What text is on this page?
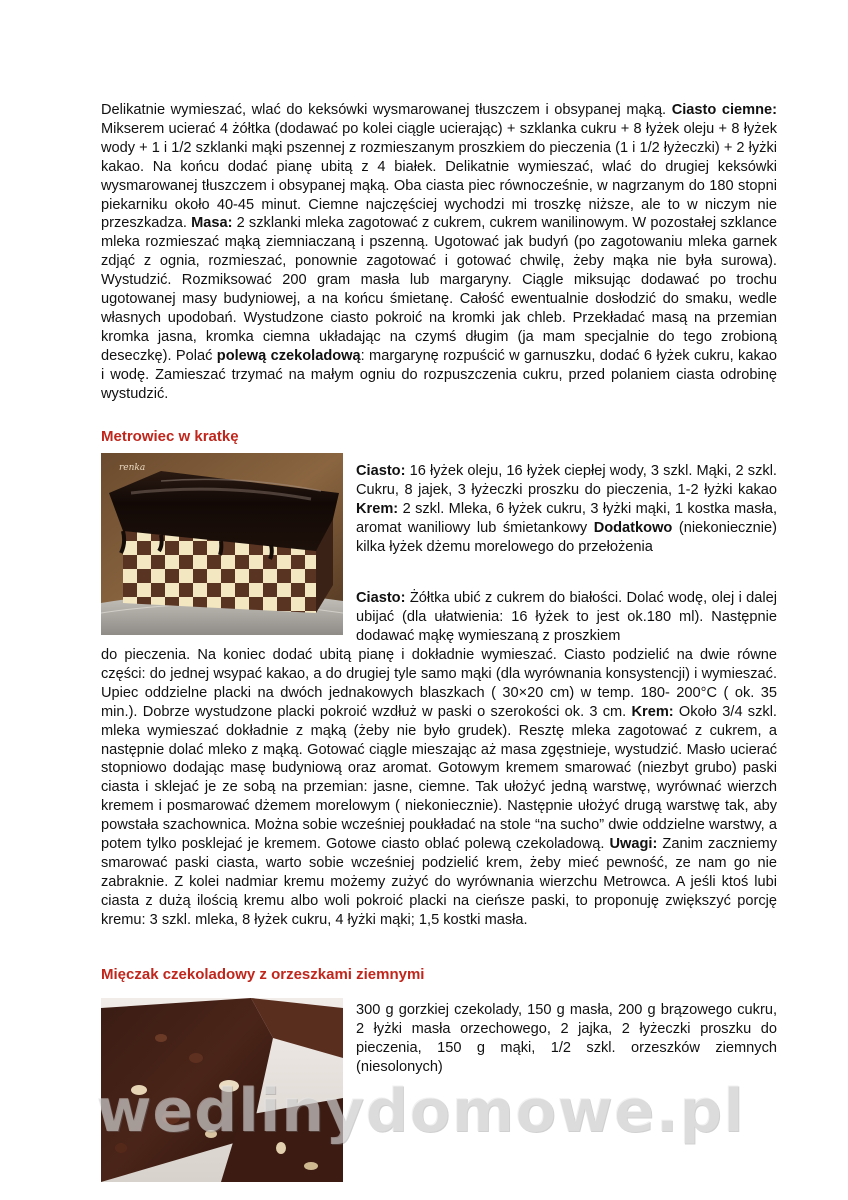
Delikatnie wymieszać, wlać do keksówki wysmarowanej tłuszczem i obsypanej mąką. Ciasto ciemne: Mikserem ucierać 4 żółtka (dodawać po kolei ciągle ucierając) + szklanka cukru + 8 łyżek oleju + 8 łyżek wody + 1 i 1/2 szklanki mąki pszennej z rozmieszanym proszkiem do pieczenia (1 i 1/2 łyżeczki) + 2 łyżki kakao. Na końcu dodać pianę ubitą z 4 białek. Delikatnie wymieszać, wlać do drugiej keksówki wysmarowanej tłuszczem i obsypanej mąką. Oba ciasta piec równocześnie, w nagrzanym do 180 stopni piekarniku około 40-45 minut. Ciemne najczęściej wychodzi mi troszkę niższe, ale to w niczym nie przeszkadza. Masa: 2 szklanki mleka zagotować z cukrem, cukrem wanilinowym. W pozostałej szklance mleka rozmieszać mąką ziemniaczaną i pszenną. Ugotować jak budyń (po zagotowaniu mleka garnek zdjąć z ognia, rozmieszać, ponownie zagotować i gotować chwilę, żeby mąka nie była surowa). Wystudzić. Rozmiksować 200 gram masła lub margaryny. Ciągle miksując dodawać po trochu ugotowanej masy budyniowej, a na końcu śmietanę. Całość ewentualnie dosłodzić do smaku, wedle własnych upodobań. Wystudzone ciasto pokroić na kromki jak chleb. Przekładać masą na przemian kromka jasna, kromka ciemna układając na czymś długim (ja mam specjalnie do tego zrobioną deseczkę). Polać polewą czekoladową: margarynę rozpuścić w garnuszku, dodać 6 łyżek cukru, kakao i wodę. Zamieszać trzymać na małym ogniu do rozpuszczenia cukru, przed polaniem ciasta odrobinę wystudzić.

Metrowiec w kratkę
renka	Ciasto: 16 łyżek oleju, 16 łyżek ciepłej wody, 3 szkl. Mąki, 2 szkl. Cukru, 8 jajek, 3 łyżeczki proszku do pieczenia, 1-2 łyżki kakao Krem: 2 szkl. Mleka, 6 łyżek cukru, 3 łyżki mąki, 1 kostka masła, aromat waniliowy lub śmietankowy Dodatkowo (niekoniecznie) kilka łyżek dżemu morelowego do przełożenia

Ciasto: Żółtka ubić z cukrem do białości. Dolać wodę, olej i dalej ubijać (dla ułatwienia: 16 łyżek to jest ok.180 ml). Następnie dodawać mąkę wymieszaną z proszkiem

do pieczenia. Na koniec dodać ubitą pianę i dokładnie wymieszać. Ciasto podzielić na dwie równe części: do jednej wsypać kakao, a do drugiej tyle samo mąki (dla wyrównania konsystencji) i wymieszać. Upiec oddzielne placki na dwóch jednakowych blaszkach ( 30×20 cm) w temp. 180- 200°C ( ok. 35 min.). Dobrze wystudzone placki pokroić wzdłuż w paski o szerokości ok. 3 cm. Krem: Około 3/4 szkl. mleka wymieszać dokładnie z mąką (żeby nie było grudek). Resztę mleka zagotować z cukrem, a następnie dolać mleko z mąką. Gotować ciągle mieszając aż masa zgęstnieje, wystudzić. Masło ucierać stopniowo dodając masę budyniową oraz aromat. Gotowym kremem smarować (niezbyt grubo) paski ciasta i sklejać je ze sobą na przemian: jasne, ciemne. Tak ułożyć jedną warstwę, wyrównać wierzch kremem i posmarować dżemem morelowym ( niekoniecznie). Następnie ułożyć drugą warstwę tak, aby powstała szachownica. Można sobie wcześniej poukładać na stole “na sucho” dwie oddzielne warstwy, a potem tylko posklejać je kremem. Gotowe ciasto oblać polewą czekoladową. Uwagi: Zanim zaczniemy smarować paski ciasta, warto sobie wcześniej podzielić krem, żeby mieć pewność, ze nam go nie zabraknie. Z kolei nadmiar kremu możemy zużyć do wyrównania wierzchu Metrowca. A jeśli ktoś lubi ciasta z dużą ilością kremu albo woli pokroić placki na cieńsze paski, to proponuję zwiększyć porcję kremu: 3 szkl. mleka, 8 łyżek cukru, 4 łyżki mąki; 1,5 kostki masła.

Mięczak czekoladowy z orzeszkami ziemnymi

300 g gorzkiej czekolady, 150 g masła, 200 g brązowego cukru, 2 łyżki masła orzechowego, 2 jajka, 2 łyżeczki proszku do pieczenia, 150 g mąki, 1/2 szkl. orzeszków ziemnych (niesolonych)

wedlinydomowe.pl
